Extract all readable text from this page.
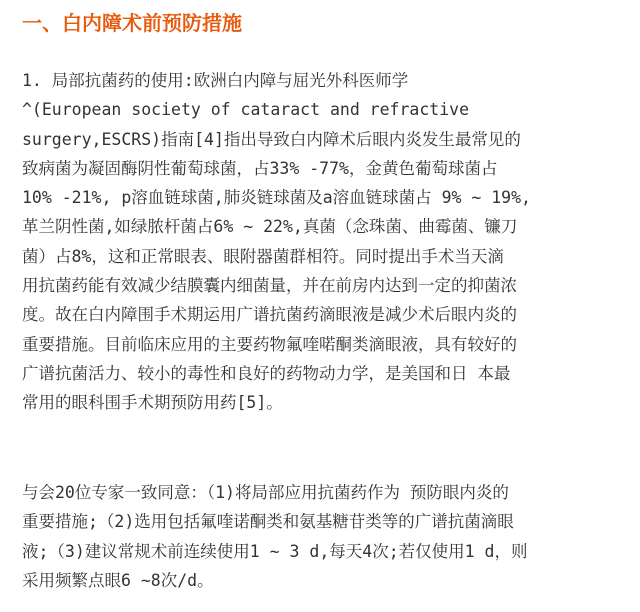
一、白内障术前预防措施
1. 局部抗菌药的使用:欧洲白内障与屈光外科医师学
^(European society of cataract and refractive
surgery,ESCRS)指南[4]指出导致白内障术后眼内炎发生最常见的
致病菌为凝固酶阴性葡萄球菌，占33% -77%，金黄色葡萄球菌占
10% -21%, p溶血链球菌,肺炎链球菌及a溶血链球菌占 9% ~ 19%,
革兰阴性菌,如绿脓杆菌占6% ~ 22%,真菌（念珠菌、曲霉菌、镰刀
菌）占8%，这和正常眼表、眼附器菌群相符。同时提出手术当天滴
用抗菌药能有效减少结膜囊内细菌量，并在前房内达到一定的抑菌浓
度。故在白内障围手术期运用广谱抗菌药滴眼液是减少术后眼内炎的
重要措施。目前临床应用的主要药物氟喹喏酮类滴眼液，具有较好的
广谱抗菌活力、较小的毒性和良好的药物动力学，是美国和日 本最
常用的眼科围手术期预防用药[5]。
与会20位专家一致同意：（1)将局部应用抗菌药作为 预防眼内炎的
重要措施;（2)选用包括氟喹诺酮类和氨基糖苷类等的广谱抗菌滴眼
液;（3)建议常规术前连续使用1 ~ 3 d,每天4次;若仅使用1 d，则
采用频繁点眼6 ~8次/d。
